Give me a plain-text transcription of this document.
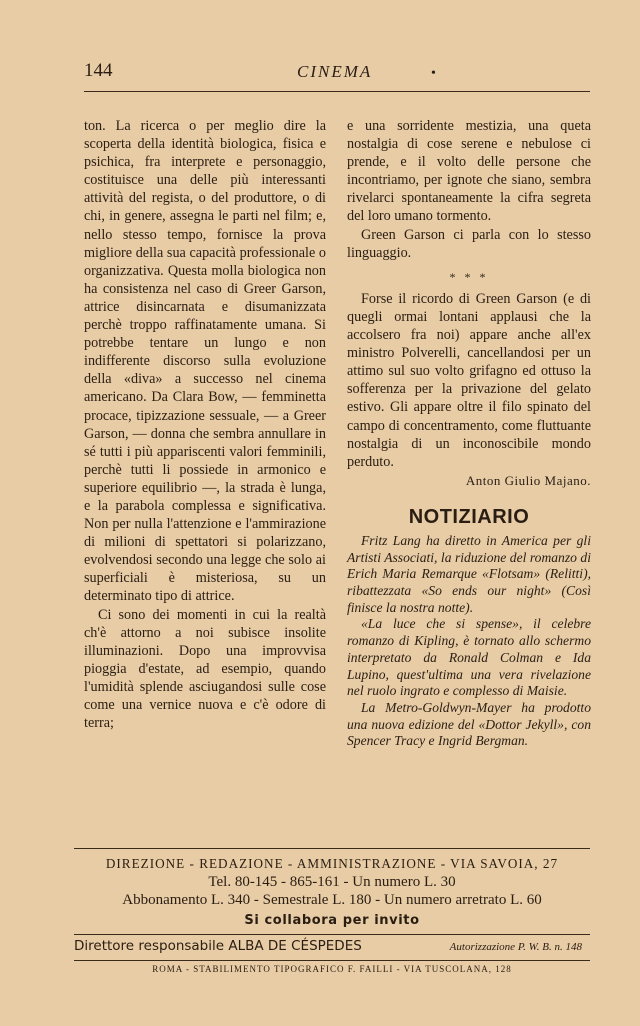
144	CINEMA	•

ton. La ricerca o per meglio dire la scoperta della identità biologica, fisica e psichica, fra interprete e personaggio, costituisce una delle più interessanti attività del regista, o del produttore, o di chi, in genere, assegna le parti nel film; e, nello stesso tempo, fornisce la prova migliore della sua capacità professionale o organizzativa. Questa molla biologica non ha consistenza nel caso di Greer Garson, attrice disincarnata e disumanizzata perchè troppo raffinatamente umana. Si potrebbe tentare un lungo e non indifferente discorso sulla evoluzione della «diva» a successo nel cinema americano. Da Clara Bow, — femminetta procace, tipizzazione sessuale, — a Greer Garson, — donna che sembra annullare in sé tutti i più appariscenti valori femminili, perchè tutti li possiede in armonico e superiore equilibrio —, la strada è lunga, e la parabola complessa e significativa. Non per nulla l'attenzione e l'ammirazione di milioni di spettatori si polarizzano, evolvendosi secondo una legge che solo ai superficiali è misteriosa, su un determinato tipo di attrice.

Ci sono dei momenti in cui la realtà ch'è attorno a noi subisce insolite illuminazioni. Dopo una improvvisa pioggia d'estate, ad esempio, quando l'umidità splende asciugandosi sulle cose come una vernice nuova e c'è odore di terra;

e una sorridente mestizia, una queta nostalgia di cose serene e nebulose ci prende, e il volto delle persone che incontriamo, per ignote che siano, sembra rivelarci spontaneamente la cifra segreta del loro umano tormento.

Green Garson ci parla con lo stesso linguaggio.

* * *

Forse il ricordo di Green Garson (e di quegli ormai lontani applausi che la accolsero fra noi) appare anche all'ex ministro Polverelli, cancellandosi per un attimo sul suo volto grifagno ed ottuso la sofferenza per la privazione del gelato estivo. Gli appare oltre il filo spinato del campo di concentramento, come fluttuante nostalgia di un inconoscibile mondo perduto.

Anton Giulio Majano.
NOTIZIARIO

Fritz Lang ha diretto in America per gli Artisti Associati, la riduzione del romanzo di Erich Maria Remarque «Flotsam» (Relitti), ribattezzata «So ends our night» (Così finisce la nostra notte).

«La luce che si spense», il celebre romanzo di Kipling, è tornato allo schermo interpretato da Ronald Colman e Ida Lupino, quest'ultima una vera rivelazione nel ruolo ingrato e complesso di Maisie.

La Metro-Goldwyn-Mayer ha prodotto una nuova edizione del «Dottor Jekyll», con Spencer Tracy e Ingrid Bergman.

DIREZIONE - REDAZIONE - AMMINISTRAZIONE - VIA SAVOIA, 27
Tel. 80-145 - 865-161 - Un numero L. 30
Abbonamento L. 340 - Semestrale L. 180 - Un numero arretrato L. 60
Si collabora per invito
Direttore responsabile ALBA DE CÉSPEDES	Autorizzazione P. W. B. n. 148
ROMA - STABILIMENTO TIPOGRAFICO F. FAILLI - VIA TUSCOLANA, 128
